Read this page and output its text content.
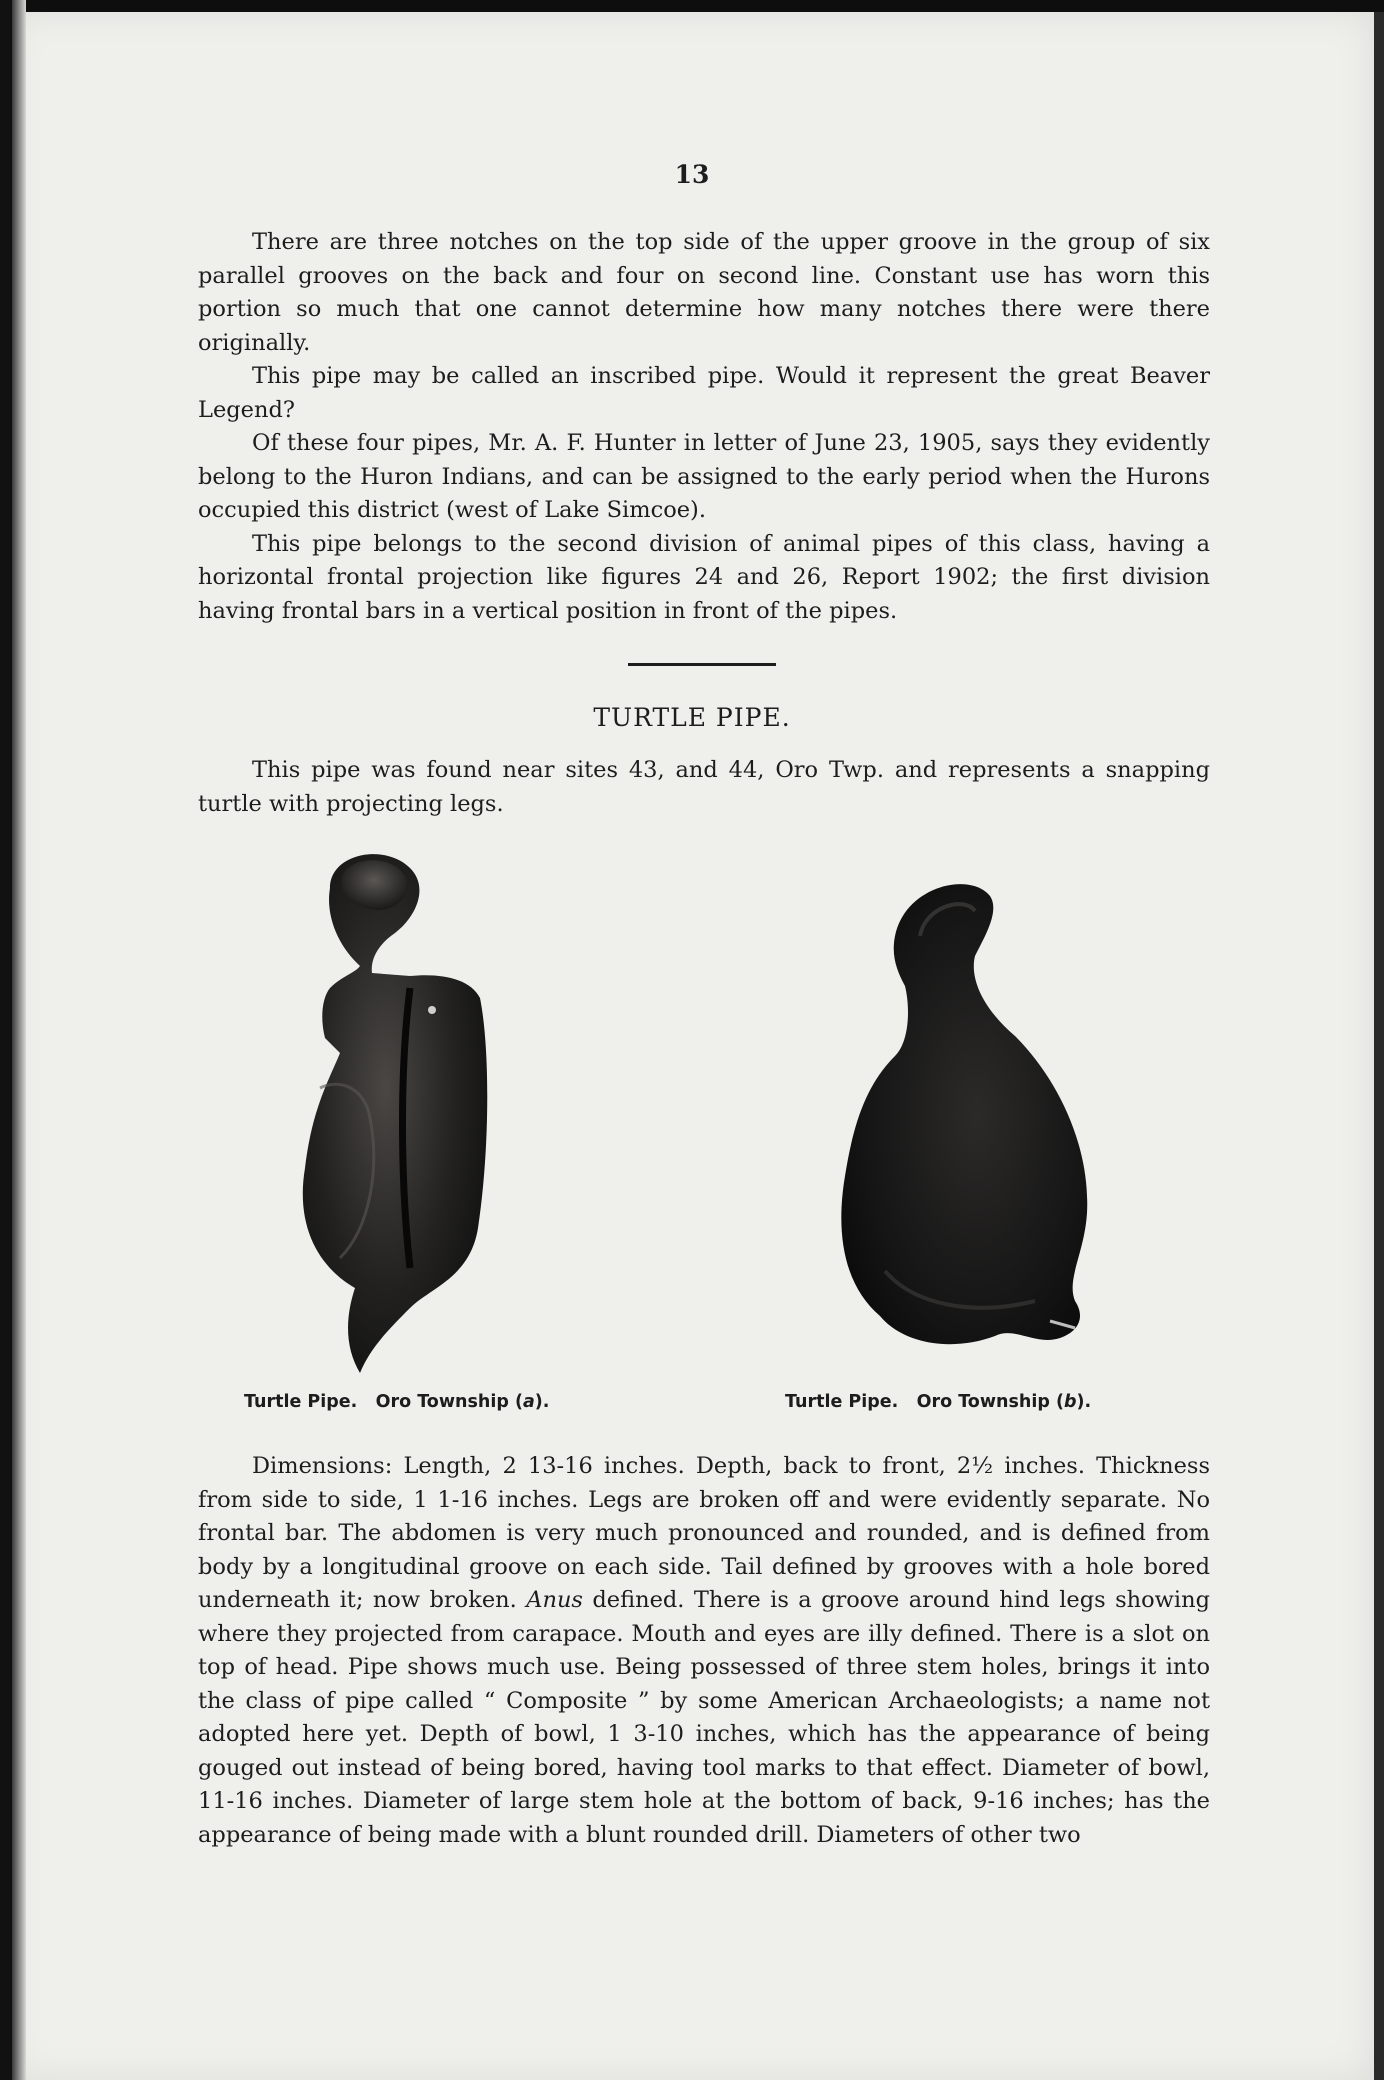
13

There are three notches on the top side of the upper groove in the group of six parallel grooves on the back and four on second line. Constant use has worn this portion so much that one cannot determine how many notches there were there originally.

This pipe may be called an inscribed pipe. Would it represent the great Beaver Legend?

Of these four pipes, Mr. A. F. Hunter in letter of June 23, 1905, says they evidently belong to the Huron Indians, and can be assigned to the early period when the Hurons occupied this district (west of Lake Simcoe).

This pipe belongs to the second division of animal pipes of this class, having a horizontal frontal projection like figures 24 and 26, Report 1902; the first division having frontal bars in a vertical position in front of the pipes.

TURTLE PIPE.

This pipe was found near sites 43, and 44, Oro Twp. and represents a snapping turtle with projecting legs.

Turtle Pipe.   Oro Township (a).	Turtle Pipe.   Oro Township (b).

Dimensions: Length, 2 13-16 inches. Depth, back to front, 2½ inches. Thickness from side to side, 1 1-16 inches. Legs are broken off and were evidently separate. No frontal bar. The abdomen is very much pronounced and rounded, and is defined from body by a longitudinal groove on each side. Tail defined by grooves with a hole bored underneath it; now broken. Anus defined. There is a groove around hind legs showing where they projected from carapace. Mouth and eyes are illy defined. There is a slot on top of head. Pipe shows much use. Being possessed of three stem holes, brings it into the class of pipe called “ Composite ” by some American Archaeologists; a name not adopted here yet. Depth of bowl, 1 3-10 inches, which has the appearance of being gouged out instead of being bored, having tool marks to that effect. Diameter of bowl, 11-16 inches. Diameter of large stem hole at the bottom of back, 9-16 inches; has the appearance of being made with a blunt rounded drill. Diameters of other two
